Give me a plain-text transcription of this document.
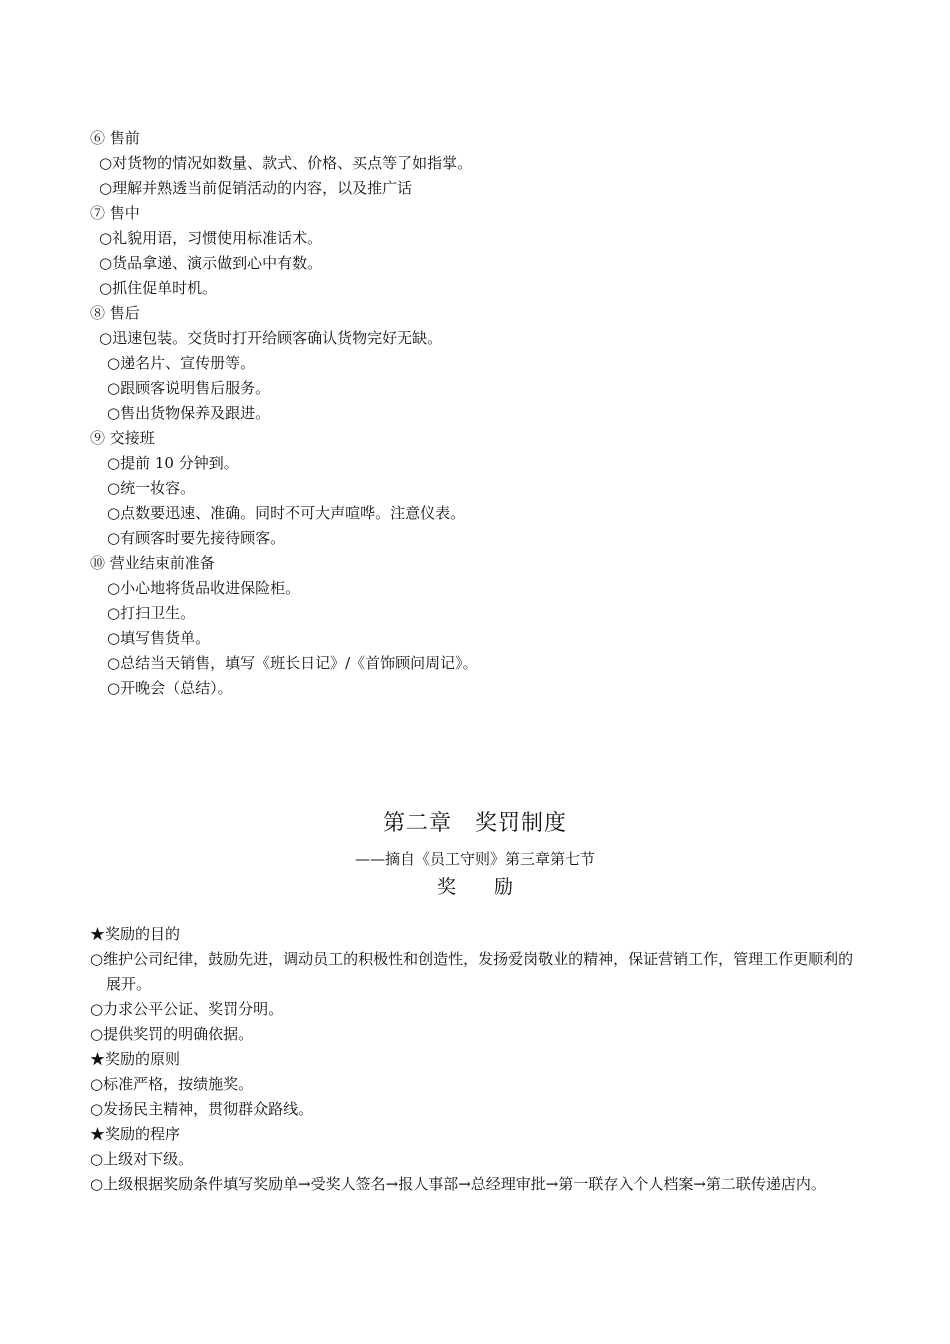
⑥ 售前
○对货物的情况如数量、款式、价格、买点等了如指掌。
○理解并熟透当前促销活动的内容，以及推广话
⑦ 售中
○礼貌用语，习惯使用标准话术。
○货品拿递、演示做到心中有数。
○抓住促单时机。
⑧ 售后
○迅速包装。交货时打开给顾客确认货物完好无缺。
○递名片、宣传册等。
○跟顾客说明售后服务。
○售出货物保养及跟进。
⑨ 交接班
○提前 10 分钟到。
○统一妆容。
○点数要迅速、准确。同时不可大声喧哗。注意仪表。
○有顾客时要先接待顾客。
⑩ 营业结束前准备
○小心地将货品收进保险柜。
○打扫卫生。
○填写售货单。
○总结当天销售，填写《班长日记》/《首饰顾问周记》。
○开晚会（总结）。
第二章　奖罚制度
——摘自《员工守则》第三章第七节
奖　　励
★奖励的目的
○维护公司纪律，鼓励先进，调动员工的积极性和创造性，发扬爱岗敬业的精神，保证营销工作，管理工作更顺利的展开。
○力求公平公证、奖罚分明。
○提供奖罚的明确依据。
★奖励的原则
○标准严格，按绩施奖。
○发扬民主精神，贯彻群众路线。
★奖励的程序
○上级对下级。
○上级根据奖励条件填写奖励单→受奖人签名→报人事部→总经理审批→第一联存入个人档案→第二联传递店内。
